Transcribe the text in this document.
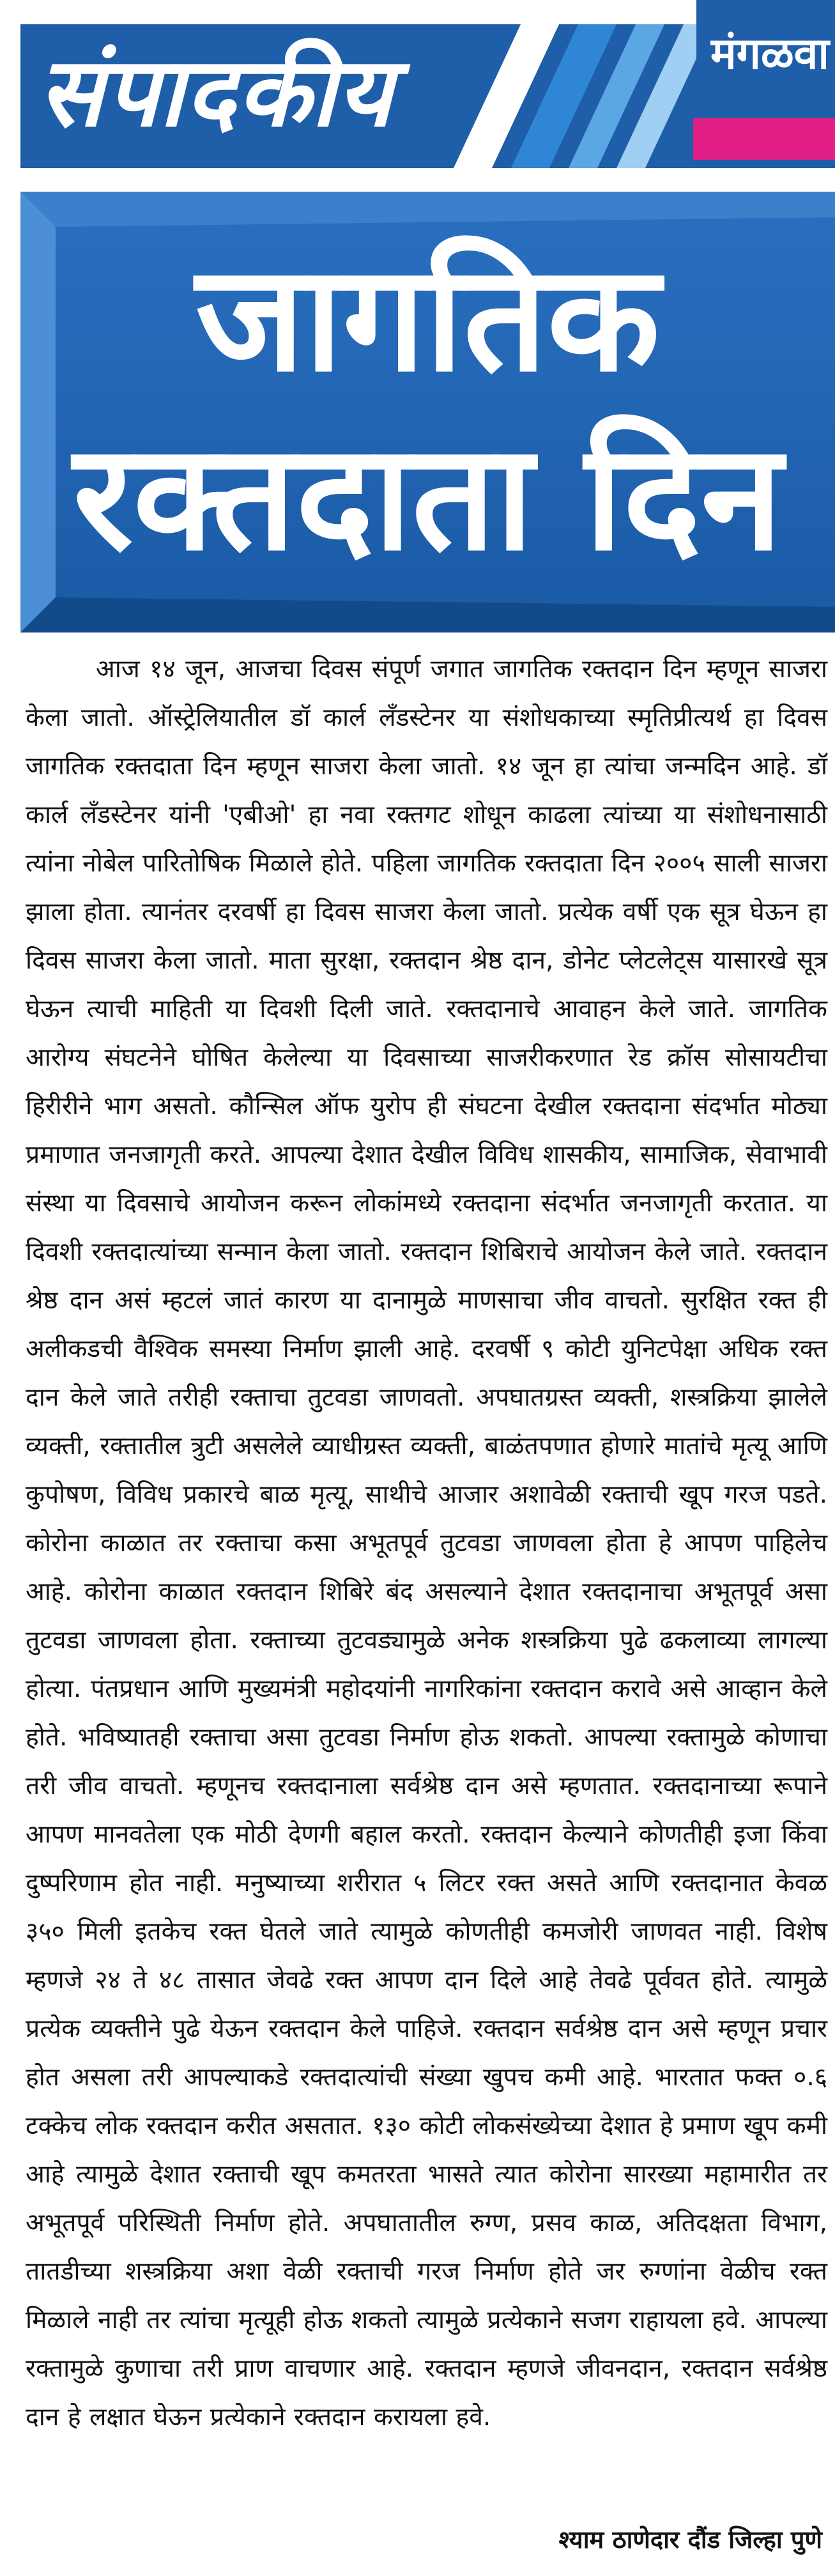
संपादकीय	मंगळवा
जागतिक
रक्तदाता दिन
आज १४ जून, आजचा दिवस संपूर्ण जगात जागतिक रक्तदान दिन म्हणून साजरा केला जातो. ऑस्ट्रेलियातील डॉ कार्ल लॅंडस्टेनर या संशोधकाच्या स्मृतिप्रीत्यर्थ हा दिवस जागतिक रक्तदाता दिन म्हणून साजरा केला जातो. १४ जून हा त्यांचा जन्मदिन आहे. डॉ कार्ल लॅंडस्टेनर यांनी 'एबीओ' हा नवा रक्तगट शोधून काढला त्यांच्या या संशोधनासाठी त्यांना नोबेल पारितोषिक मिळाले होते. पहिला जागतिक रक्तदाता दिन २००५ साली साजरा झाला होता. त्यानंतर दरवर्षी हा दिवस साजरा केला जातो. प्रत्येक वर्षी एक सूत्र घेऊन हा दिवस साजरा केला जातो. माता सुरक्षा, रक्तदान श्रेष्ठ दान, डोनेट प्लेटलेट्स यासारखे सूत्र घेऊन त्याची माहिती या दिवशी दिली जाते. रक्तदानाचे आवाहन केले जाते. जागतिक आरोग्य संघटनेने घोषित केलेल्या या दिवसाच्या साजरीकरणात रेड क्रॉस सोसायटीचा हिरीरीने भाग असतो. कौन्सिल ऑफ युरोप ही संघटना देखील रक्तदाना संदर्भात मोठ्या प्रमाणात जनजागृती करते. आपल्या देशात देखील विविध शासकीय, सामाजिक, सेवाभावी संस्था या दिवसाचे आयोजन करून लोकांमध्ये रक्तदाना संदर्भात जनजागृती करतात. या दिवशी रक्तदात्यांच्या सन्मान केला जातो. रक्तदान शिबिराचे आयोजन केले जाते. रक्तदान श्रेष्ठ दान असं म्हटलं जातं कारण या दानामुळे माणसाचा जीव वाचतो. सुरक्षित रक्त ही अलीकडची वैश्विक समस्या निर्माण झाली आहे. दरवर्षी ९ कोटी युनिटपेक्षा अधिक रक्त दान केले जाते तरीही रक्ताचा तुटवडा जाणवतो. अपघातग्रस्त व्यक्ती, शस्त्रक्रिया झालेले व्यक्ती, रक्तातील त्रुटी असलेले व्याधीग्रस्त व्यक्ती, बाळंतपणात होणारे मातांचे मृत्यू आणि कुपोषण, विविध प्रकारचे बाळ मृत्यू, साथीचे आजार अशावेळी रक्ताची खूप गरज पडते. कोरोना काळात तर रक्ताचा कसा अभूतपूर्व तुटवडा जाणवला होता हे आपण पाहिलेच आहे. कोरोना काळात रक्तदान शिबिरे बंद असल्याने देशात रक्तदानाचा अभूतपूर्व असा तुटवडा जाणवला होता. रक्ताच्या तुटवड्यामुळे अनेक शस्त्रक्रिया पुढे ढकलाव्या लागल्या होत्या. पंतप्रधान आणि मुख्यमंत्री महोदयांनी नागरिकांना रक्तदान करावे असे आव्हान केले होते. भविष्यातही रक्ताचा असा तुटवडा निर्माण होऊ शकतो. आपल्या रक्तामुळे कोणाचा तरी जीव वाचतो. म्हणूनच रक्तदानाला सर्वश्रेष्ठ दान असे म्हणतात. रक्तदानाच्या रूपाने आपण मानवतेला एक मोठी देणगी बहाल करतो. रक्तदान केल्याने कोणतीही इजा किंवा दुष्परिणाम होत नाही. मनुष्याच्या शरीरात ५ लिटर रक्त असते आणि रक्तदानात केवळ ३५० मिली इतकेच रक्त घेतले जाते त्यामुळे कोणतीही कमजोरी जाणवत नाही. विशेष म्हणजे २४ ते ४८ तासात जेवढे रक्त आपण दान दिले आहे तेवढे पूर्ववत होते. त्यामुळे प्रत्येक व्यक्तीने पुढे येऊन रक्तदान केले पाहिजे. रक्तदान सर्वश्रेष्ठ दान असे म्हणून प्रचार होत असला तरी आपल्याकडे रक्तदात्यांची संख्या खुपच कमी आहे. भारतात फक्त ०.६ टक्केच लोक रक्तदान करीत असतात. १३० कोटी लोकसंख्येच्या देशात हे प्रमाण खूप कमी आहे त्यामुळे देशात रक्ताची खूप कमतरता भासते त्यात कोरोना सारख्या महामारीत तर अभूतपूर्व परिस्थिती निर्माण होते. अपघातातील रुग्ण, प्रसव काळ, अतिदक्षता विभाग, तातडीच्या शस्त्रक्रिया अशा वेळी रक्ताची गरज निर्माण होते जर रुग्णांना वेळीच रक्त मिळाले नाही तर त्यांचा मृत्यूही होऊ शकतो त्यामुळे प्रत्येकाने सजग राहायला हवे. आपल्या रक्तामुळे कुणाचा तरी प्राण वाचणार आहे. रक्तदान म्हणजे जीवनदान, रक्तदान सर्वश्रेष्ठ दान हे लक्षात घेऊन प्रत्येकाने रक्तदान करायला हवे.
श्याम ठाणेदार दौंड जिल्हा पुणे
